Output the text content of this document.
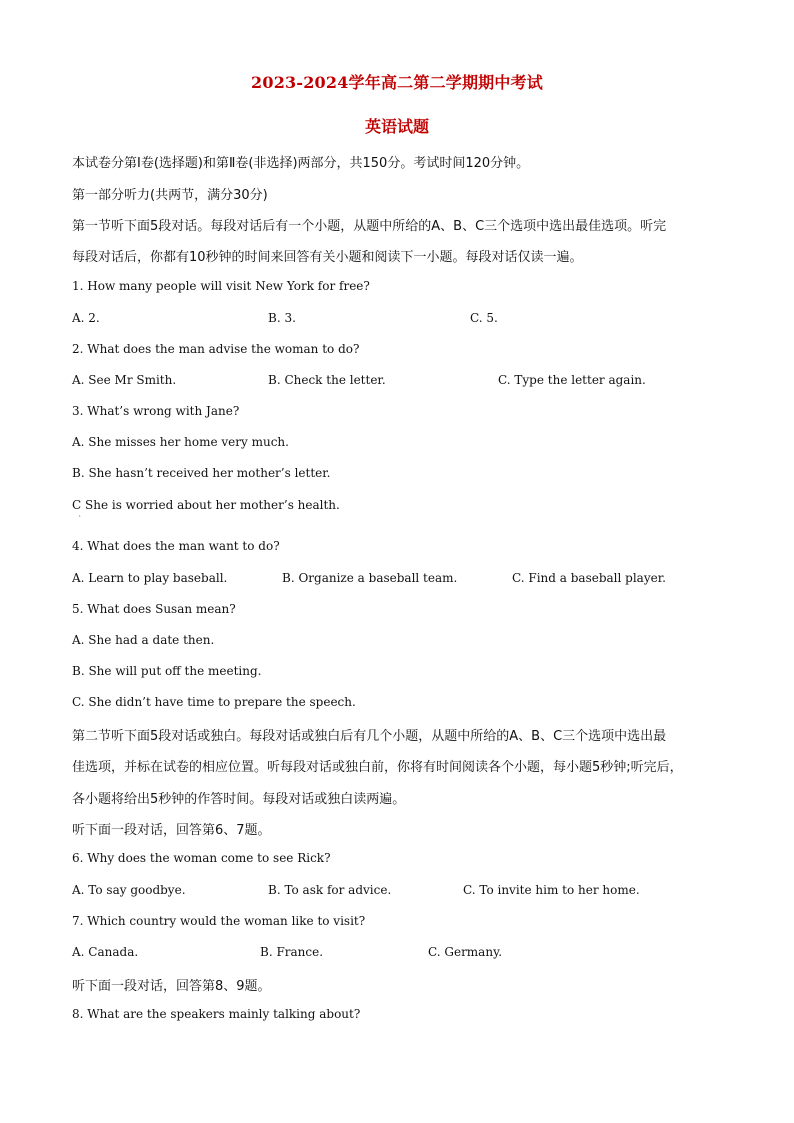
2023-2024学年高二第二学期期中考试
英语试题
本试卷分第Ⅰ卷(选择题)和第Ⅱ卷(非选择)两部分，共150分。考试时间120分钟。
第一部分听力(共两节，满分30分)
第一节听下面5段对话。每段对话后有一个小题，从题中所给的A、B、C三个选项中选出最佳选项。听完
每段对话后，你都有10秒钟的时间来回答有关小题和阅读下一小题。每段对话仅读一遍。
1. How many people will visit New York for free?
A. 2.	B. 3.	C. 5.
2. What does the man advise the woman to do?
A. See Mr Smith.	B. Check the letter.	C. Type the letter again.
3. What’s wrong with Jane?
A. She misses her home very much.
B. She hasn’t received her mother’s letter.
C She is worried about her mother’s health.
ˋ
4. What does the man want to do?
A. Learn to play baseball.	B. Organize a baseball team.	C. Find a baseball player.
5. What does Susan mean?
A. She had a date then.
B. She will put off the meeting.
C. She didn’t have time to prepare the speech.
第二节听下面5段对话或独白。每段对话或独白后有几个小题，从题中所给的A、B、C三个选项中选出最
佳选项，并标在试卷的相应位置。听每段对话或独白前，你将有时间阅读各个小题，每小题5秒钟;听完后，
各小题将给出5秒钟的作答时间。每段对话或独白读两遍。
听下面一段对话，回答第6、7题。
6. Why does the woman come to see Rick?
A. To say goodbye.	B. To ask for advice.	C. To invite him to her home.
7. Which country would the woman like to visit?
A. Canada.	B. France.	C. Germany.
听下面一段对话，回答第8、9题。
8. What are the speakers mainly talking about?
